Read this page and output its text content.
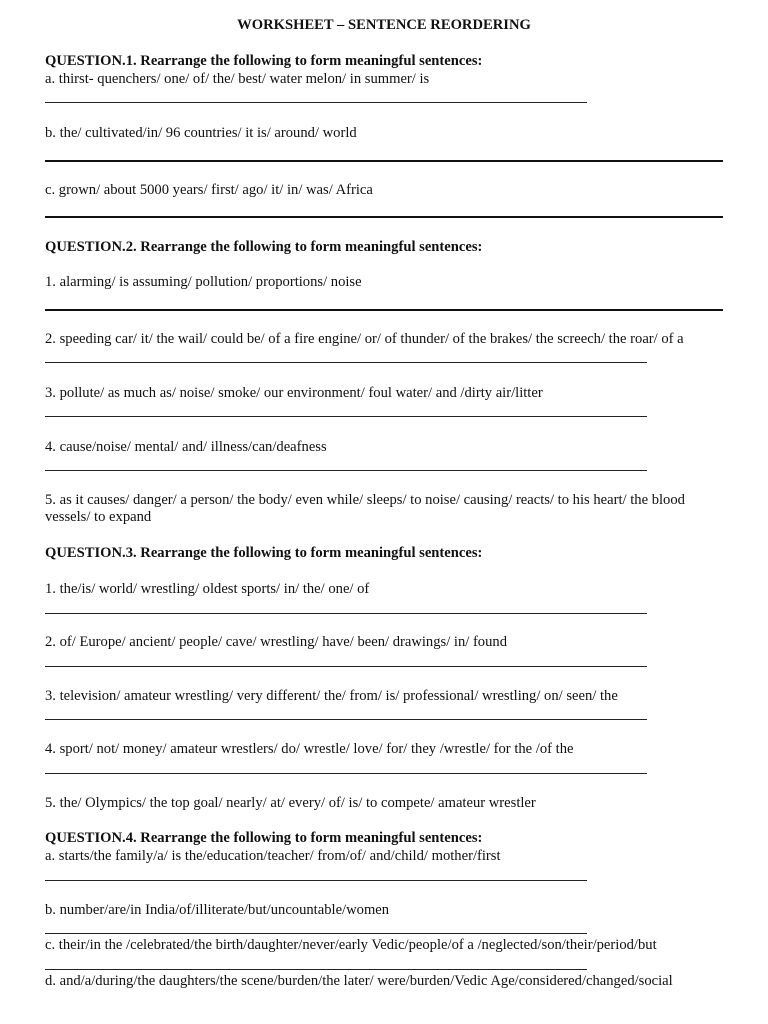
WORKSHEET – SENTENCE REORDERING
QUESTION.1. Rearrange the following to form meaningful sentences:
a. thirst- quenchers/ one/ of/ the/ best/ water melon/ in summer/ is
b. the/ cultivated/in/ 96 countries/ it is/ around/ world
c. grown/ about 5000 years/ first/ ago/ it/ in/ was/ Africa
QUESTION.2. Rearrange the following to form meaningful sentences:
1. alarming/ is assuming/ pollution/ proportions/ noise
2. speeding car/ it/ the wail/ could be/ of a fire engine/ or/ of thunder/ of the brakes/ the screech/ the roar/ of a
3. pollute/ as much as/ noise/ smoke/ our environment/ foul water/ and /dirty air/litter
4. cause/noise/ mental/ and/ illness/can/deafness
5. as it causes/ danger/ a person/ the body/ even while/ sleeps/ to noise/ causing/ reacts/ to his heart/ the blood vessels/ to expand
QUESTION.3. Rearrange the following to form meaningful sentences:
1. the/is/ world/ wrestling/ oldest sports/ in/ the/ one/ of
2. of/ Europe/ ancient/ people/ cave/ wrestling/ have/ been/ drawings/ in/ found
3. television/ amateur wrestling/ very different/ the/ from/ is/ professional/ wrestling/ on/ seen/ the
4. sport/ not/ money/ amateur wrestlers/ do/ wrestle/ love/ for/ they /wrestle/ for the /of the
5. the/ Olympics/ the top goal/ nearly/ at/ every/ of/ is/ to compete/ amateur wrestler
QUESTION.4. Rearrange the following to form meaningful sentences:
a. starts/the family/a/ is the/education/teacher/ from/of/ and/child/ mother/first
b. number/are/in India/of/illiterate/but/uncountable/women
c. their/in the /celebrated/the birth/daughter/never/early Vedic/people/of a /neglected/son/their/period/but
d. and/a/during/the daughters/the scene/burden/the later/ were/burden/Vedic Age/considered/changed/social
